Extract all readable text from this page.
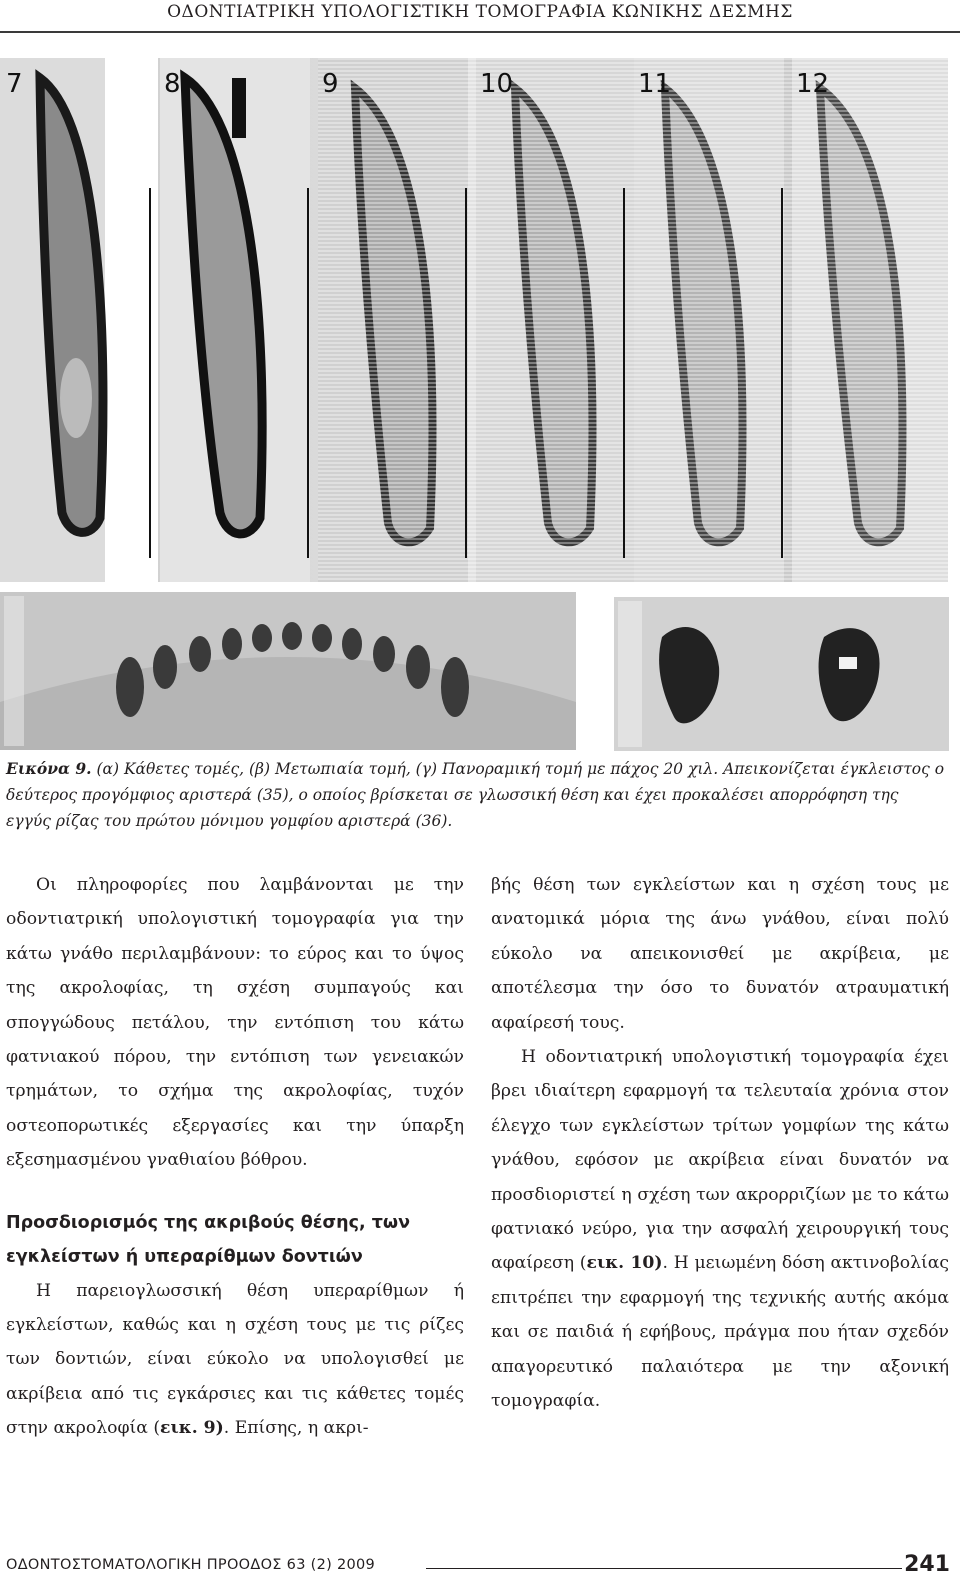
ΟΔΟΝΤΙΑΤΡΙΚΗ ΥΠΟΛΟΓΙΣΤΙΚΗ ΤΟΜΟΓΡΑΦΙΑ ΚΩΝΙΚΗΣ ΔΕΣΜΗΣ
7	8	9	10	11	12
Εικόνα 9. (α) Κάθετες τομές, (β) Μετωπιαία τομή, (γ) Πανοραμική τομή με πάχος 20 χιλ. Απεικονίζεται έγκλειστος ο δεύτερος προγόμφιος αριστερά (35), ο οποίος βρίσκεται σε γλωσσική θέση και έχει προκαλέσει απορρόφηση της εγγύς ρίζας του πρώτου μόνιμου γομφίου αριστερά (36).

Οι πληροφορίες που λαμβάνονται με την οδοντιατρική υπολογιστική τομογραφία για την κάτω γνάθο περιλαμβάνουν: το εύρος και το ύψος της ακρολοφίας, τη σχέση συμπαγούς και σπογγώδους πετάλου, την εντόπιση του κάτω φατνιακού πόρου, την εντόπιση των γενειακών τρημάτων, το σχήμα της ακρολοφίας, τυχόν οστεοπορωτικές εξεργασίες και την ύπαρξη εξεσημασμένου γναθιαίου βόθρου.

Προσδιορισμός της ακριβούς θέσης, των εγκλείστων ή υπεραρίθμων δοντιών

Η παρειογλωσσική θέση υπεραρίθμων ή εγκλείστων, καθώς και η σχέση τους με τις ρίζες των δοντιών, είναι εύκολο να υπολογισθεί με ακρίβεια από τις εγκάρσιες και τις κάθετες τομές στην ακρολοφία (εικ. 9). Επίσης, η ακρι-

βής θέση των εγκλείστων και η σχέση τους με ανατομικά μόρια της άνω γνάθου, είναι πολύ εύκολο να απεικονισθεί με ακρίβεια, με αποτέλεσμα την όσο το δυνατόν ατραυματική αφαίρεσή τους.

Η οδοντιατρική υπολογιστική τομογραφία έχει βρει ιδιαίτερη εφαρμογή τα τελευταία χρόνια στον έλεγχο των εγκλείστων τρίτων γομφίων της κάτω γνάθου, εφόσον με ακρίβεια είναι δυνατόν να προσδιοριστεί η σχέση των ακρορριζίων με το κάτω φατνιακό νεύρο, για την ασφαλή χειρουργική τους αφαίρεση (εικ. 10). Η μειωμένη δόση ακτινοβολίας επιτρέπει την εφαρμογή της τεχνικής αυτής ακόμα και σε παιδιά ή εφήβους, πράγμα που ήταν σχεδόν απαγορευτικό παλαιότερα με την αξονική τομογραφία.

ΟΔΟΝΤΟΣΤΟΜΑΤΟΛΟΓΙΚΗ ΠΡΟΟΔΟΣ 63 (2) 2009	241
